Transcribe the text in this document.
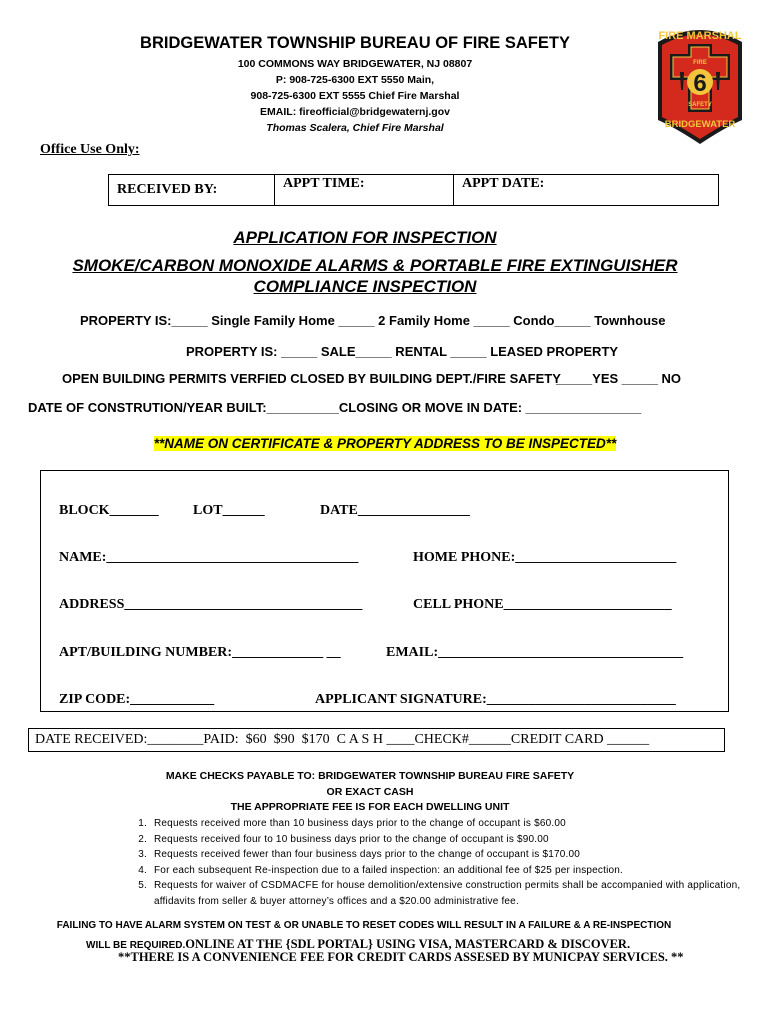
BRIDGEWATER TOWNSHIP BUREAU OF FIRE SAFETY
100 COMMONS WAY BRIDGEWATER, NJ 08807
P: 908-725-6300 EXT 5550 Main,
908-725-6300 EXT 5555 Chief Fire Marshal
EMAIL: fireofficial@bridgewaternj.gov
Thomas Scalera, Chief Fire Marshal
FIRE MARSHAL
FIRE
6
SAFETY
BRIDGEWATER
Office Use Only:
RECEIVED BY:	APPT TIME:	APPT DATE:
APPLICATION FOR INSPECTION
SMOKE/CARBON MONOXIDE ALARMS & PORTABLE FIRE EXTINGUISHER
COMPLIANCE INSPECTION
PROPERTY IS:_____ Single Family Home _____ 2 Family Home _____ Condo_____ Townhouse
PROPERTY IS: _____ SALE_____ RENTAL _____ LEASED PROPERTY
OPEN BUILDING PERMITS VERFIED CLOSED BY BUILDING DEPT./FIRE SAFETY
_____YES _____ NO
DATE OF CONSTRUTION/YEAR BUILT:__________CLOSING OR MOVE IN DATE: ________________
**NAME ON CERTIFICATE & PROPERTY ADDRESS TO BE INSPECTED**
BLOCK_______ LOT______	DATE________________
NAME:____________________________________	HOME PHONE:_______________________
ADDRESS__________________________________	CELL PHONE________________________
APT/BUILDING NUMBER:_____________ __	EMAIL:___________________________________
ZIP CODE:____________	APPLICANT SIGNATURE:___________________________
DATE RECEIVED:________PAID:  $60  $90  $170  C A S H ____CHECK#______CREDIT CARD ______
MAKE CHECKS PAYABLE TO: BRIDGEWATER TOWNSHIP BUREAU FIRE SAFETY
OR EXACT CASH
THE APPROPRIATE FEE IS FOR EACH DWELLING UNIT
1. Requests received more than 10 business days prior to the change of occupant is $60.00
2. Requests received four to 10 business days prior to the change of occupant is $90.00
3. Requests received fewer than four business days prior to the change of occupant is $170.00
4. For each subsequent Re-inspection due to a failed inspection: an additional fee of $25 per inspection.
5. Requests for waiver of CSDMACFE for house demolition/extensive construction permits shall be accompanied with application, affidavits from seller & buyer attorney’s offices and a $20.00 administrative fee.
FAILING TO HAVE ALARM SYSTEM ON TEST & OR UNABLE TO RESET CODES WILL RESULT IN A FAILURE & A RE-INSPECTION
WILL BE REQUIRED.ONLINE AT THE {SDL PORTAL} USING VISA, MASTERCARD & DISCOVER.
**THERE IS A CONVENIENCE FEE FOR CREDIT CARDS ASSESED BY MUNICPAY SERVICES. **
